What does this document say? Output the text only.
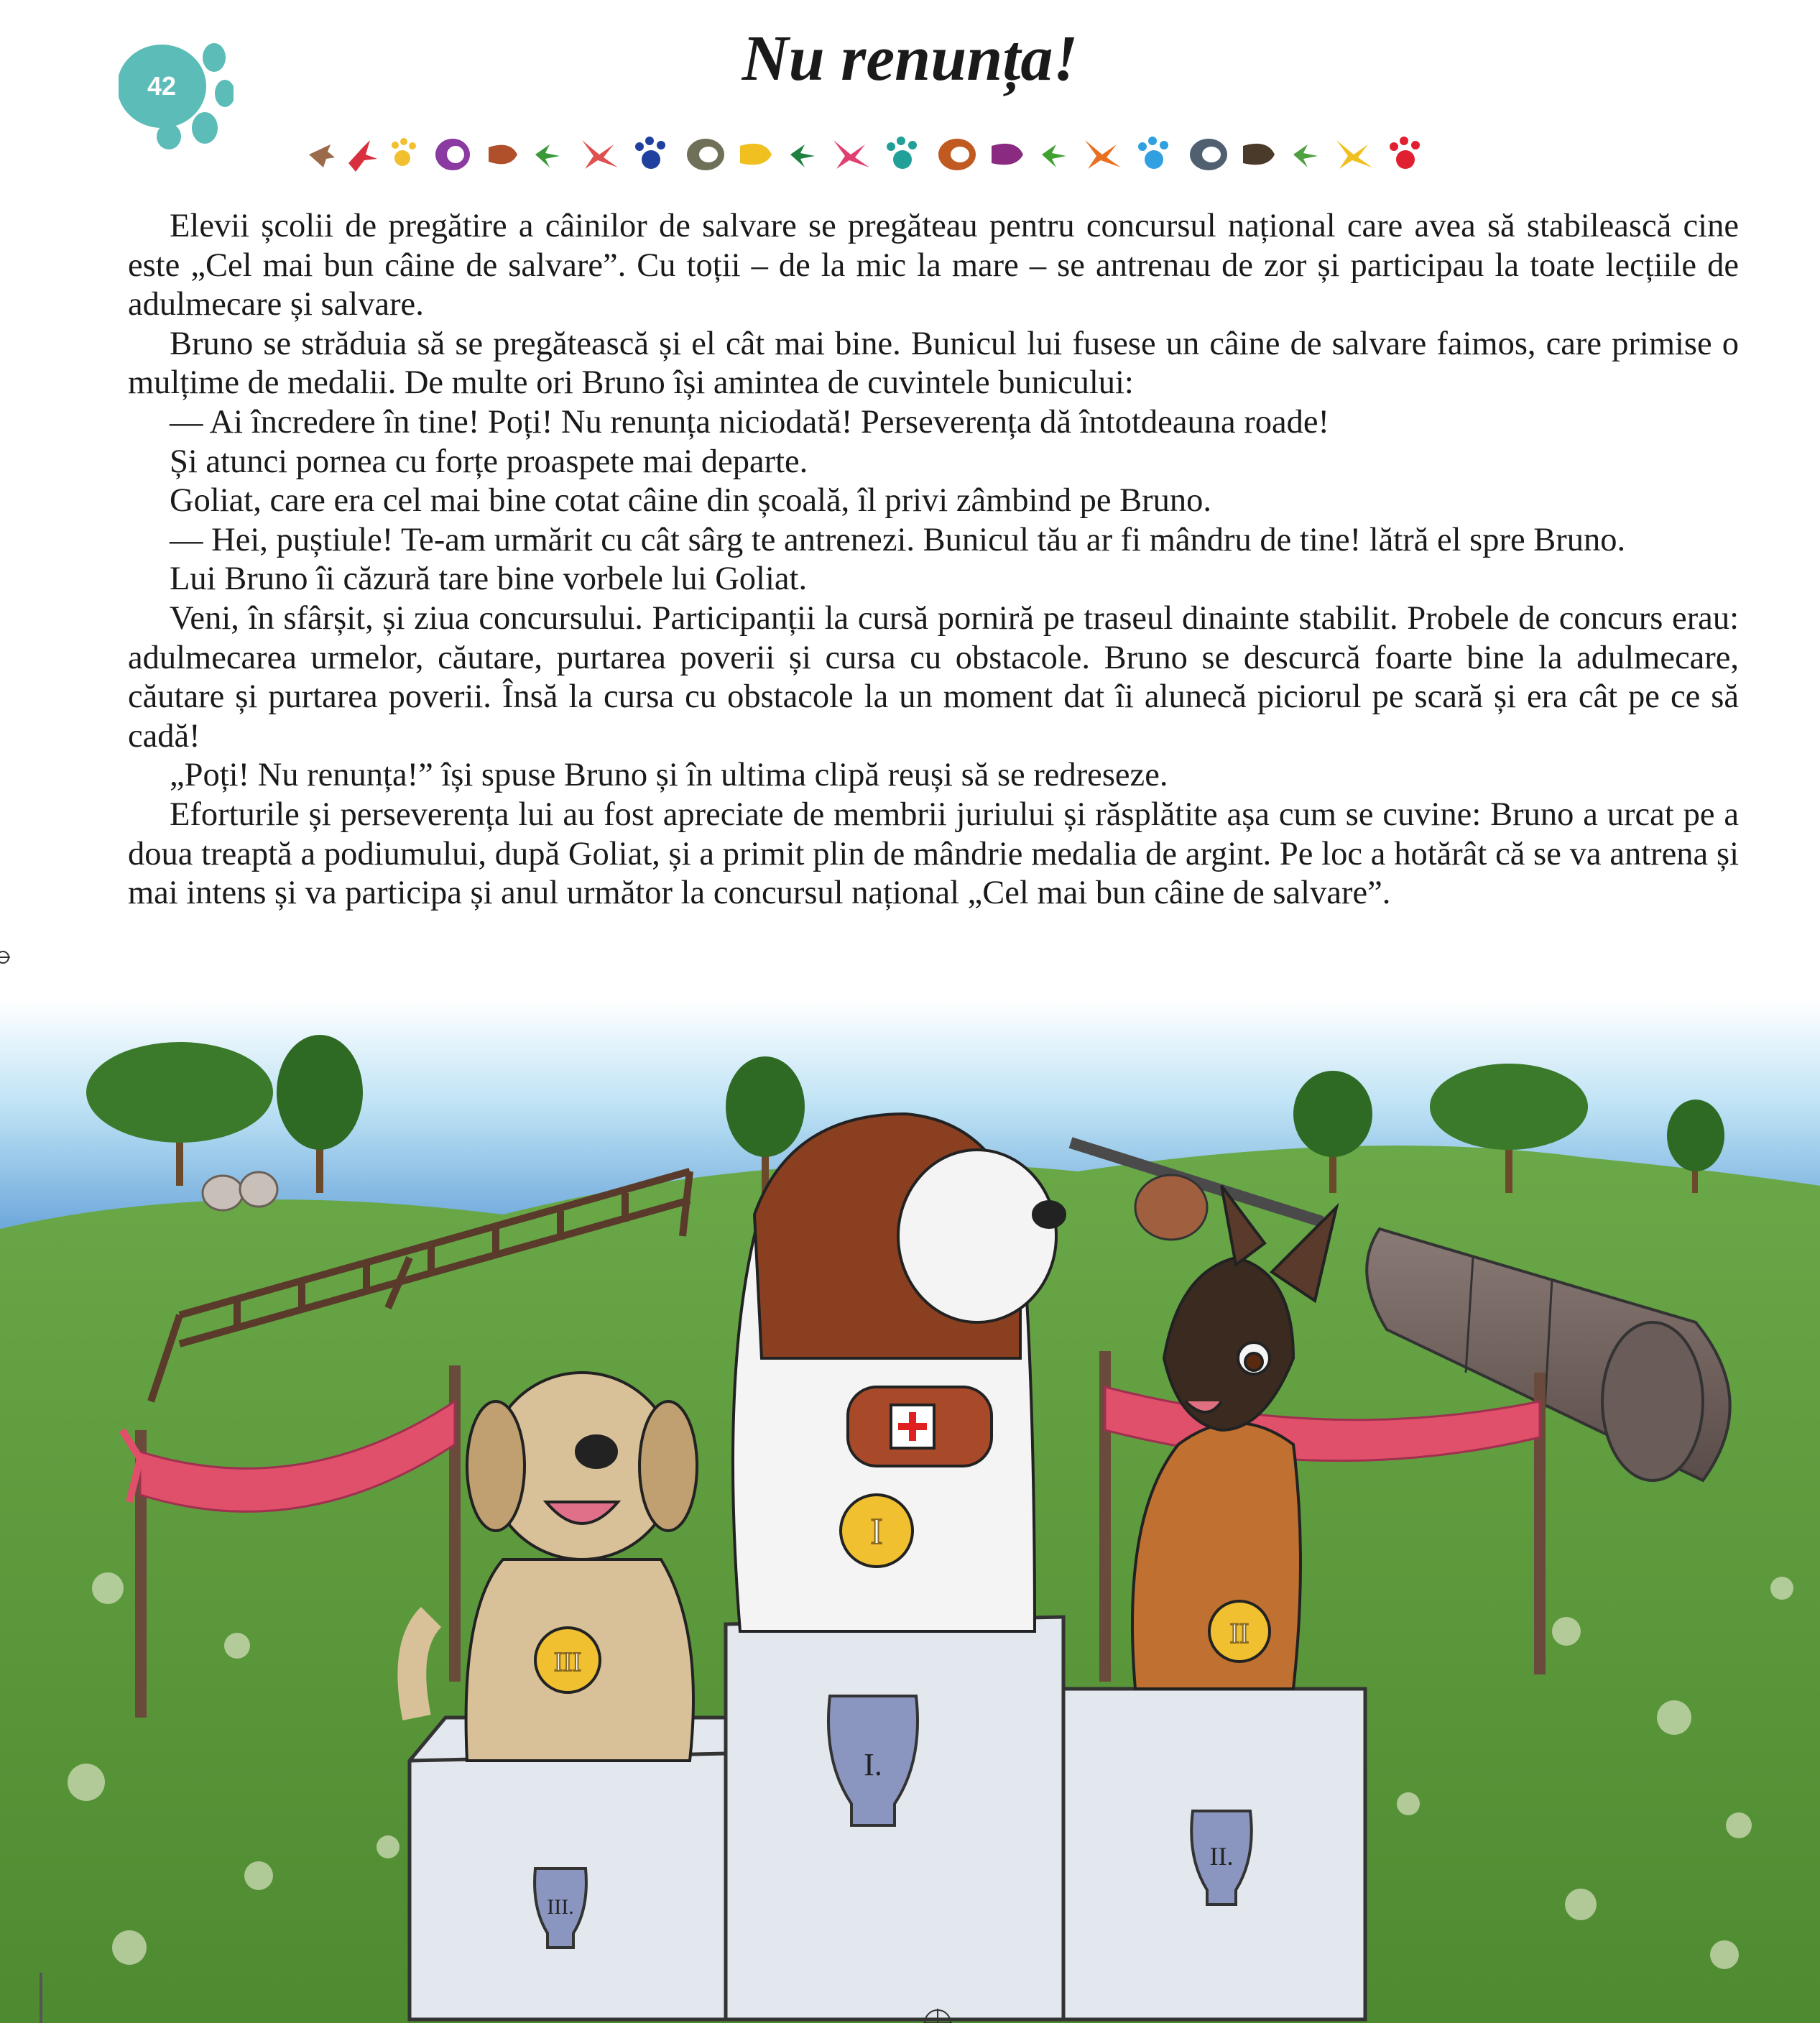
42	Nu renunța!

Elevii școlii de pregătire a câinilor de salvare se pregăteau pentru concursul național care avea să stabilească cine este „Cel mai bun câine de salvare”. Cu toții – de la mic la mare – se antrenau de zor și participau la toate lecțiile de adulmecare și salvare.

Bruno se străduia să se pregătească și el cât mai bine. Bunicul lui fusese un câine de salvare faimos, care primise o mulțime de medalii. De multe ori Bruno își amintea de cuvintele bunicului:

— Ai încredere în tine! Poți! Nu renunța niciodată! Perseverența dă întotdeauna roade!

Și atunci pornea cu forțe proaspete mai departe.

Goliat, care era cel mai bine cotat câine din școală, îl privi zâmbind pe Bruno.

— Hei, puștiule! Te-am urmărit cu cât sârg te antrenezi. Bunicul tău ar fi mândru de tine! lătră el spre Bruno.

Lui Bruno îi căzură tare bine vorbele lui Goliat.

Veni, în sfârșit, și ziua concursului. Participanții la cursă porniră pe traseul dinainte stabilit. Probele de concurs erau: adulmecarea urmelor, căutare, purtarea poverii și cursa cu obstacole. Bruno se descurcă foarte bine la adulmecare, căutare și purtarea poverii. Însă la cursa cu obstacole la un moment dat îi alunecă piciorul pe scară și era cât pe ce să cadă!

„Poți! Nu renunța!” își spuse Bruno și în ultima clipă reuși să se redreseze.

Eforturile și perseverența lui au fost apreciate de membrii juriului și răsplătite așa cum se cuvine: Bruno a urcat pe a doua treaptă a podiumului, după Goliat, și a primit plin de mândrie medalia de argint. Pe loc a hotărât că se va antrena și mai intens și va participa și anul următor la concursul național „Cel mai bun câine de salvare”.

I.
II.
III.
I
II
III
